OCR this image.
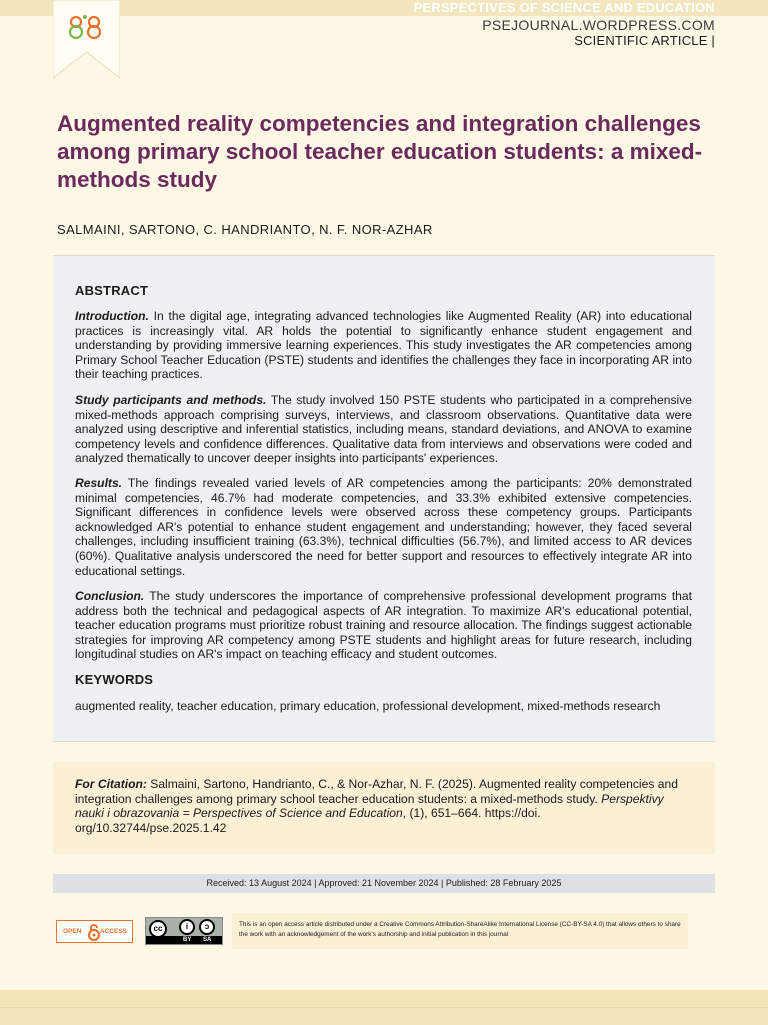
PERSPECTIVES OF SCIENCE AND EDUCATION
PSEJOURNAL.WORDPRESS.COM
SCIENTIFIC ARTICLE |
Augmented reality competencies and integration challenges among primary school teacher education students: a mixed-methods study
SALMAINI, SARTONO, C. HANDRIANTO, N. F. NOR-AZHAR
ABSTRACT

Introduction. In the digital age, integrating advanced technologies like Augmented Reality (AR) into educational practices is increasingly vital. AR holds the potential to significantly enhance student engagement and understanding by providing immersive learning experiences. This study investigates the AR competencies among Primary School Teacher Education (PSTE) students and identifies the challenges they face in incorporating AR into their teaching practices.

Study participants and methods. The study involved 150 PSTE students who participated in a comprehensive mixed-methods approach comprising surveys, interviews, and classroom observations. Quantitative data were analyzed using descriptive and inferential statistics, including means, standard deviations, and ANOVA to examine competency levels and confidence differences. Qualitative data from interviews and observations were coded and analyzed thematically to uncover deeper insights into participants' experiences.

Results. The findings revealed varied levels of AR competencies among the participants: 20% demonstrated minimal competencies, 46.7% had moderate competencies, and 33.3% exhibited extensive competencies. Significant differences in confidence levels were observed across these competency groups. Participants acknowledged AR's potential to enhance student engagement and understanding; however, they faced several challenges, including insufficient training (63.3%), technical difficulties (56.7%), and limited access to AR devices (60%). Qualitative analysis underscored the need for better support and resources to effectively integrate AR into educational settings.

Conclusion. The study underscores the importance of comprehensive professional development programs that address both the technical and pedagogical aspects of AR integration. To maximize AR's educational potential, teacher education programs must prioritize robust training and resource allocation. The findings suggest actionable strategies for improving AR competency among PSTE students and highlight areas for future research, including longitudinal studies on AR's impact on teaching efficacy and student outcomes.

KEYWORDS
augmented reality, teacher education, primary education, professional development, mixed-methods research

For Citation: Salmaini, Sartono, Handrianto, C., & Nor-Azhar, N. F. (2025). Augmented reality competencies and integration challenges among primary school teacher education students: a mixed-methods study. Perspektivy nauki i obrazovania = Perspectives of Science and Education, (1), 651–664. https://doi. org/10.32744/pse.2025.1.42

Received: 13 August 2024 | Approved: 21 November 2024 | Published: 28 February 2025
OPEN	ACCESS	cc	i	ↄ
BY SA

This is an open access article distributed under a Creative Commons Attribution-ShareAlike International License (CC-BY-SA 4.0) that allows others to share the work with an acknowledgement of the work's authorship and initial publication in this journal
